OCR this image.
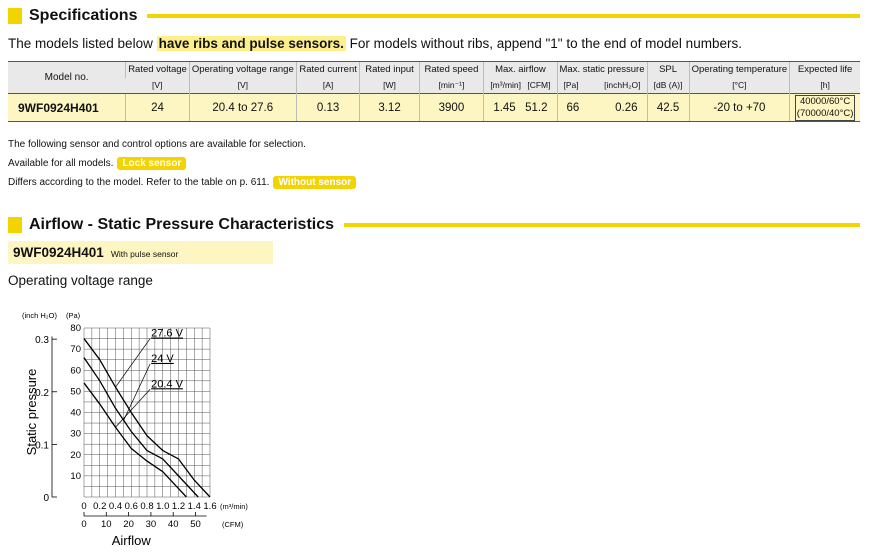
Specifications
The models listed below have ribs and pulse sensors. For models without ribs, append "1" to the end of model numbers.
Model no.	Rated voltage	Operating voltage range	Rated current	Rated input	Rated speed	Max. airflow	Max. static pressure	SPL	Operating temperature	Expected life
	[V]	[V]	[A]	[W]	[min⁻¹]	[m³/min] [CFM]	[Pa] [inchH₂O]	[dB (A)]	[°C]	[h]
9WF0924H401	24	20.4 to 27.6	0.13	3.12	3900	1.45 51.2	66 0.26	42.5	-20 to +70	40000/60°C
(70000/40°C)
The following sensor and control options are available for selection.
Available for all models. Lock sensor
Differs according to the model. Refer to the table on p. 611. Without sensor
Airflow - Static Pressure Characteristics
9WF0924H401 With pulse sensor
Operating voltage range
10
20
30
40
50
60
70
80
0
0.1
0.2
0.3
(inch H₂O) (Pa)
Static pressure
0 0.2 0.4 0.6 0.8 1.0 1.2 1.4 1.6 (m³/min)
0 10 20 30 40 50	(CFM)
Airflow
27.6 V
24 V
20.4 V
